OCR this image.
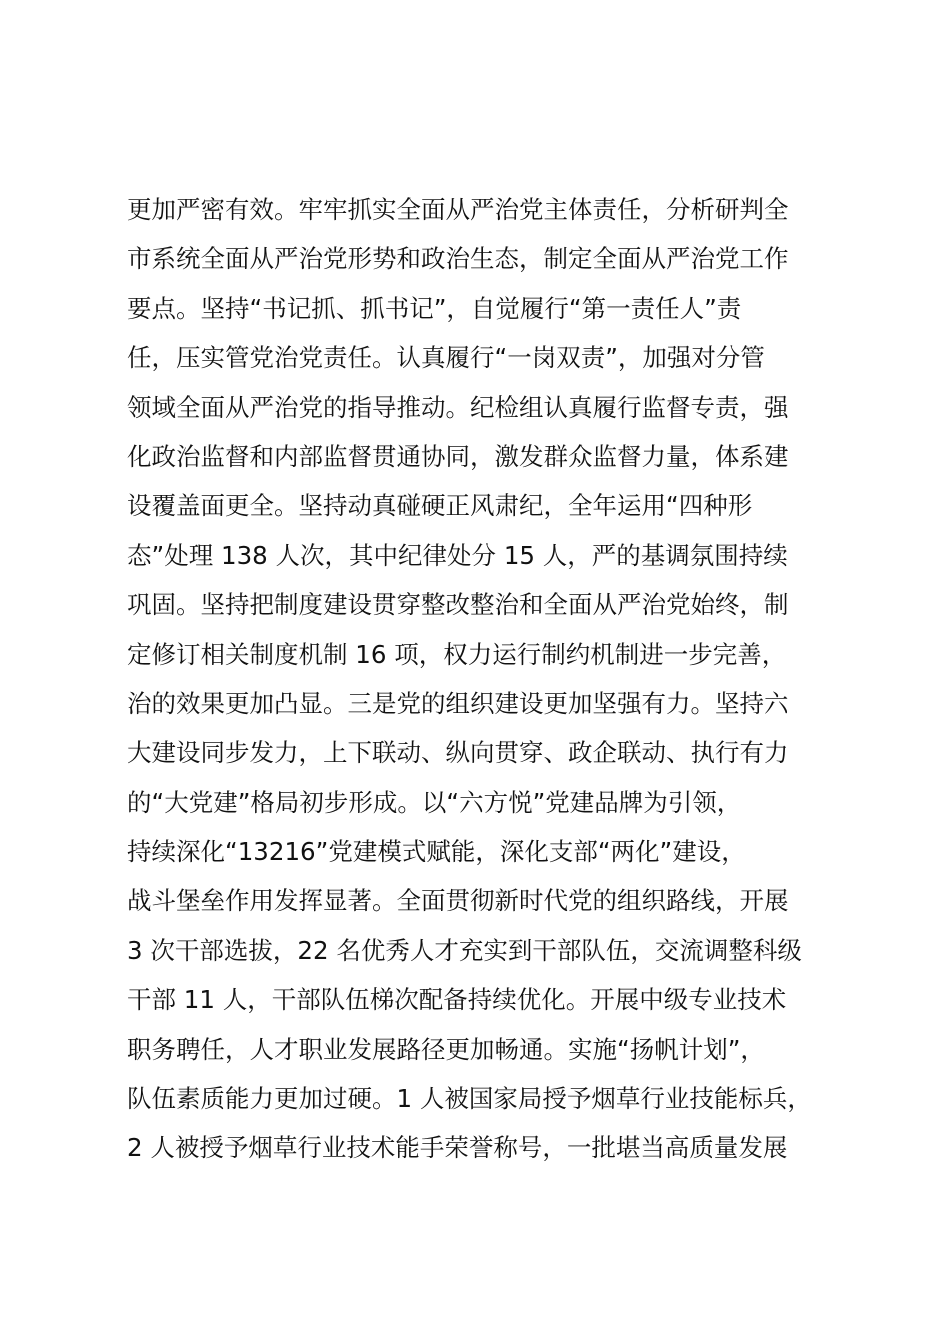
更加严密有效。牢牢抓实全面从严治党主体责任，分析研判全
市系统全面从严治党形势和政治生态，制定全面从严治党工作
要点。坚持“书记抓、抓书记”，自觉履行“第一责任人”责
任，压实管党治党责任。认真履行“一岗双责”，加强对分管
领域全面从严治党的指导推动。纪检组认真履行监督专责，强
化政治监督和内部监督贯通协同，激发群众监督力量，体系建
设覆盖面更全。坚持动真碰硬正风肃纪，全年运用“四种形
态”处理 138 人次，其中纪律处分 15 人，严的基调氛围持续
巩固。坚持把制度建设贯穿整改整治和全面从严治党始终，制
定修订相关制度机制 16 项，权力运行制约机制进一步完善，
治的效果更加凸显。三是党的组织建设更加坚强有力。坚持六
大建设同步发力，上下联动、纵向贯穿、政企联动、执行有力
的“大党建”格局初步形成。以“六方悦”党建品牌为引领，
持续深化“13216”党建模式赋能，深化支部“两化”建设，
战斗堡垒作用发挥显著。全面贯彻新时代党的组织路线，开展
3 次干部选拔，22 名优秀人才充实到干部队伍，交流调整科级
干部 11 人，干部队伍梯次配备持续优化。开展中级专业技术
职务聘任，人才职业发展路径更加畅通。实施“扬帆计划”，
队伍素质能力更加过硬。1 人被国家局授予烟草行业技能标兵，
2 人被授予烟草行业技术能手荣誉称号，一批堪当高质量发展
